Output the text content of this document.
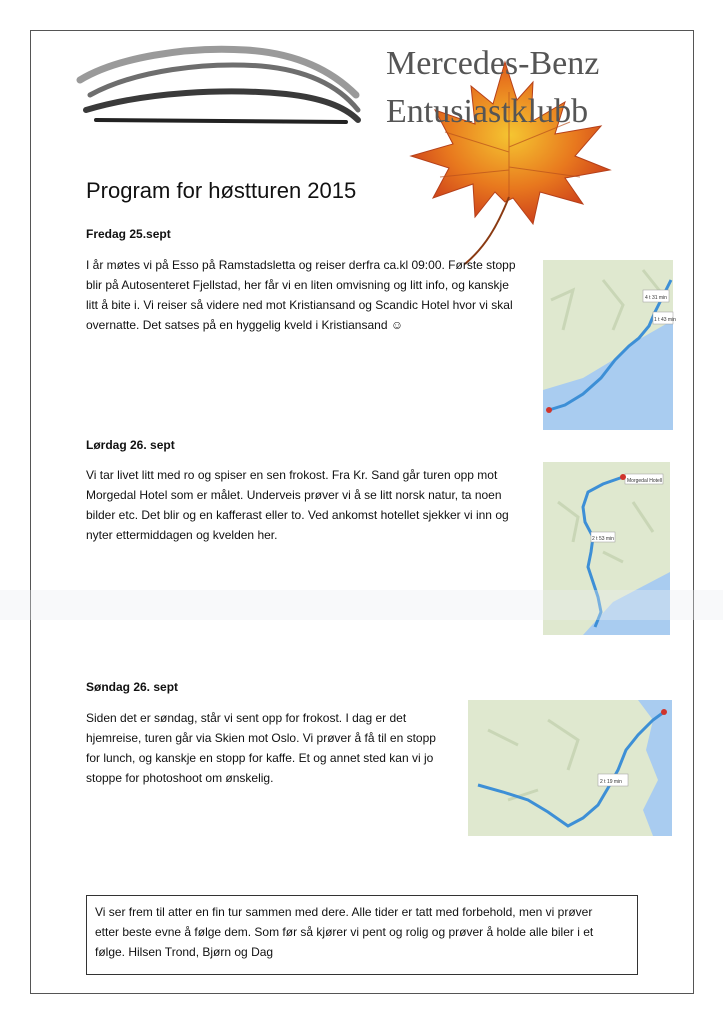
Mercedes-Benz
Entusiastklubb
Program for høstturen 2015
Fredag 25.sept
I år møtes vi på Esso på Ramstadsletta og reiser derfra ca.kl 09:00. Første stopp
blir på Autosenteret Fjellstad, her får vi en liten omvisning og litt info, og kanskje
litt å bite i. Vi reiser så videre ned mot Kristiansand og Scandic Hotel hvor vi skal
overnatte. Det satses på en hyggelig kveld i Kristiansand ☺
4 t 31 min
1 t 43 min
Lørdag 26. sept
Vi tar livet litt med ro og spiser en sen frokost. Fra Kr. Sand går turen opp mot
Morgedal Hotel som er målet. Underveis prøver vi å se litt norsk natur, ta noen
bilder etc. Det blir og en kafferast eller to. Ved ankomst hotellet sjekker vi inn og
nyter ettermiddagen og kvelden her.
Morgedal Hotell
2 t 53 min
Søndag 26. sept
Siden det er søndag, står vi sent opp for frokost. I dag er det
hjemreise, turen går via Skien mot Oslo. Vi prøver å få til en stopp
for lunch, og kanskje en stopp for kaffe. Et og annet sted kan vi jo
stoppe for photoshoot om ønskelig.	2 t 19 min
Vi ser frem til atter en fin tur sammen med dere. Alle tider er tatt med forbehold, men vi prøver
etter beste evne å følge dem. Som før så kjører vi pent og rolig og prøver å holde alle biler i et
følge. Hilsen Trond, Bjørn og Dag
